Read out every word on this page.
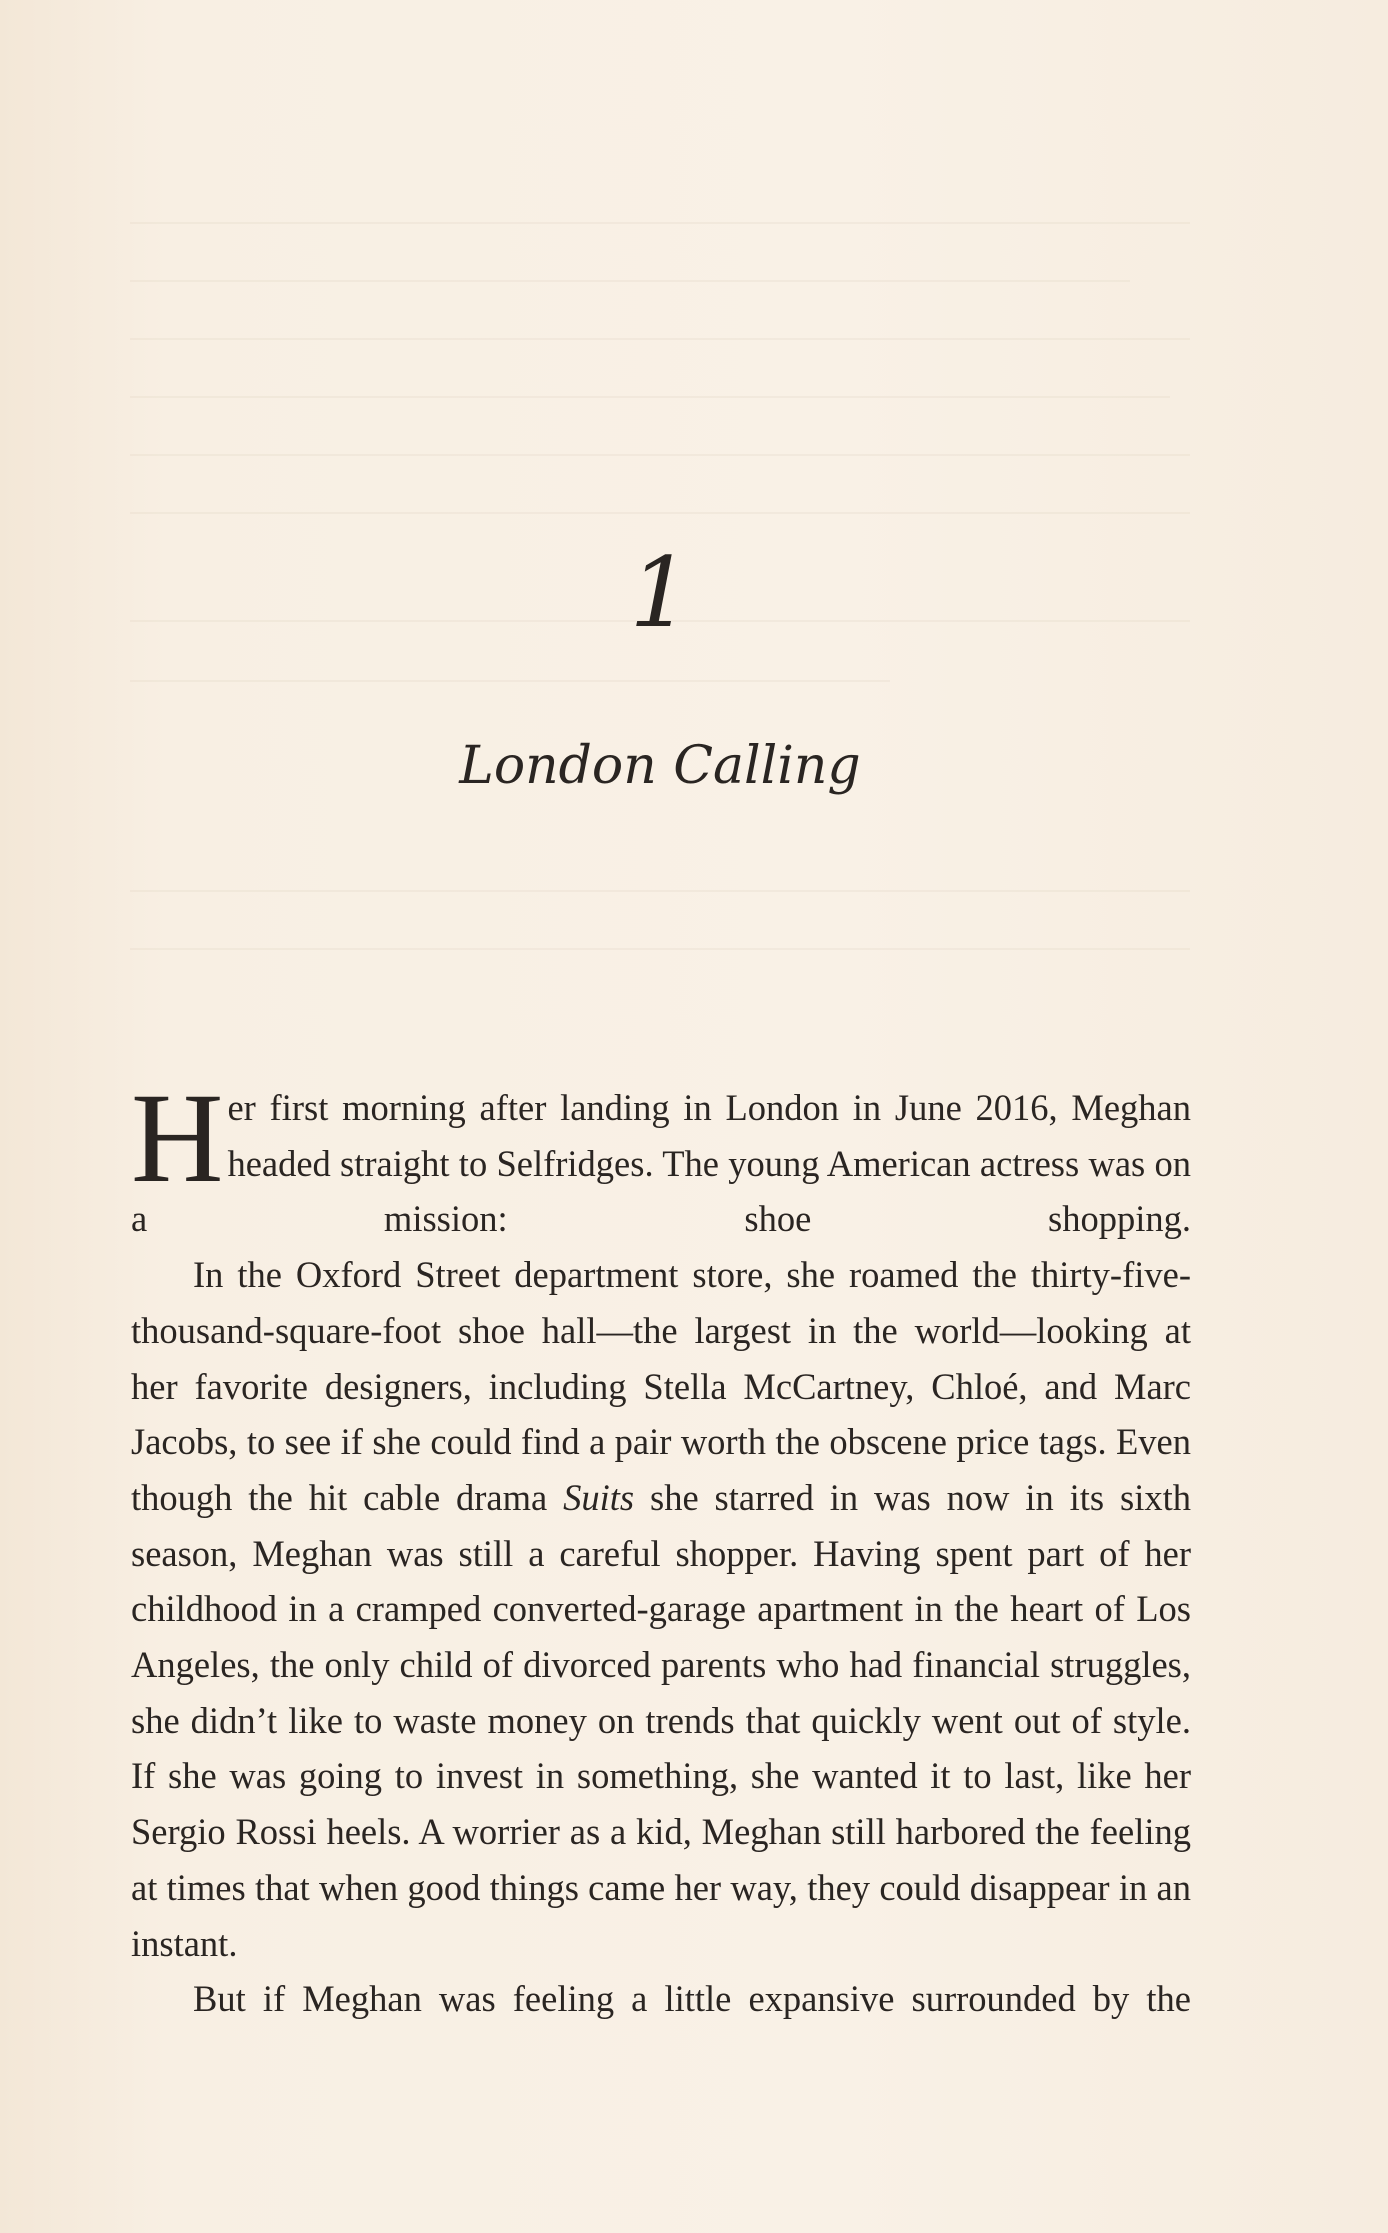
1
London Calling

Her first morning after landing in London in June 2016, Meghan headed straight to Selfridges. The young American actress was on a mission: shoe shopping.

In the Oxford Street department store, she roamed the thirty-five-thousand-square-foot shoe hall—the largest in the world—looking at her favorite designers, including Stella McCartney, Chloé, and Marc Jacobs, to see if she could find a pair worth the obscene price tags. Even though the hit cable drama Suits she starred in was now in its sixth season, Meghan was still a careful shopper. Having spent part of her childhood in a cramped converted-garage apartment in the heart of Los Angeles, the only child of divorced parents who had financial struggles, she didn’t like to waste money on trends that quickly went out of style. If she was going to invest in something, she wanted it to last, like her Sergio Rossi heels. A worrier as a kid, Meghan still harbored the feeling at times that when good things came her way, they could disappear in an instant.

But if Meghan was feeling a little expansive surrounded by the
